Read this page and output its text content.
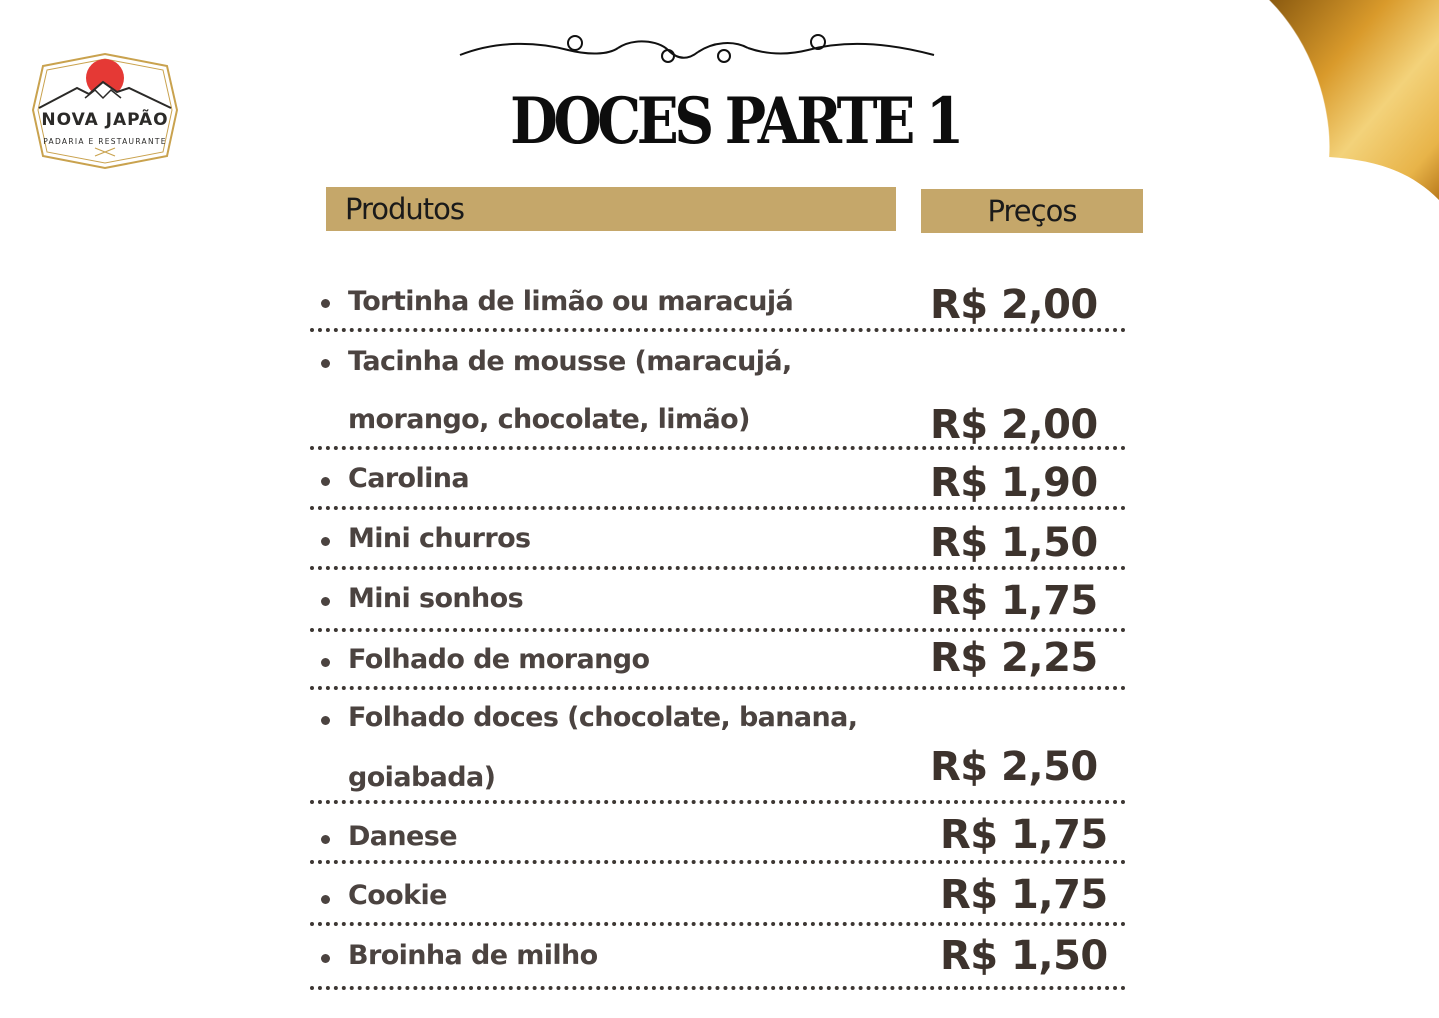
NOVA JAPÃO
PADARIA E RESTAURANTE	DOCES PARTE 1
Produtos	Preços
Tortinha de limão ou maracujá	R$ 2,00
Tacinha de mousse (maracujá,
morango, chocolate, limão)	R$ 2,00
Carolina	R$ 1,90
Mini churros	R$ 1,50
Mini sonhos	R$ 1,75
Folhado de morango	R$ 2,25
Folhado doces (chocolate, banana,
goiabada)	R$ 2,50
Danese	R$ 1,75
Cookie	R$ 1,75
Broinha de milho	R$ 1,50
